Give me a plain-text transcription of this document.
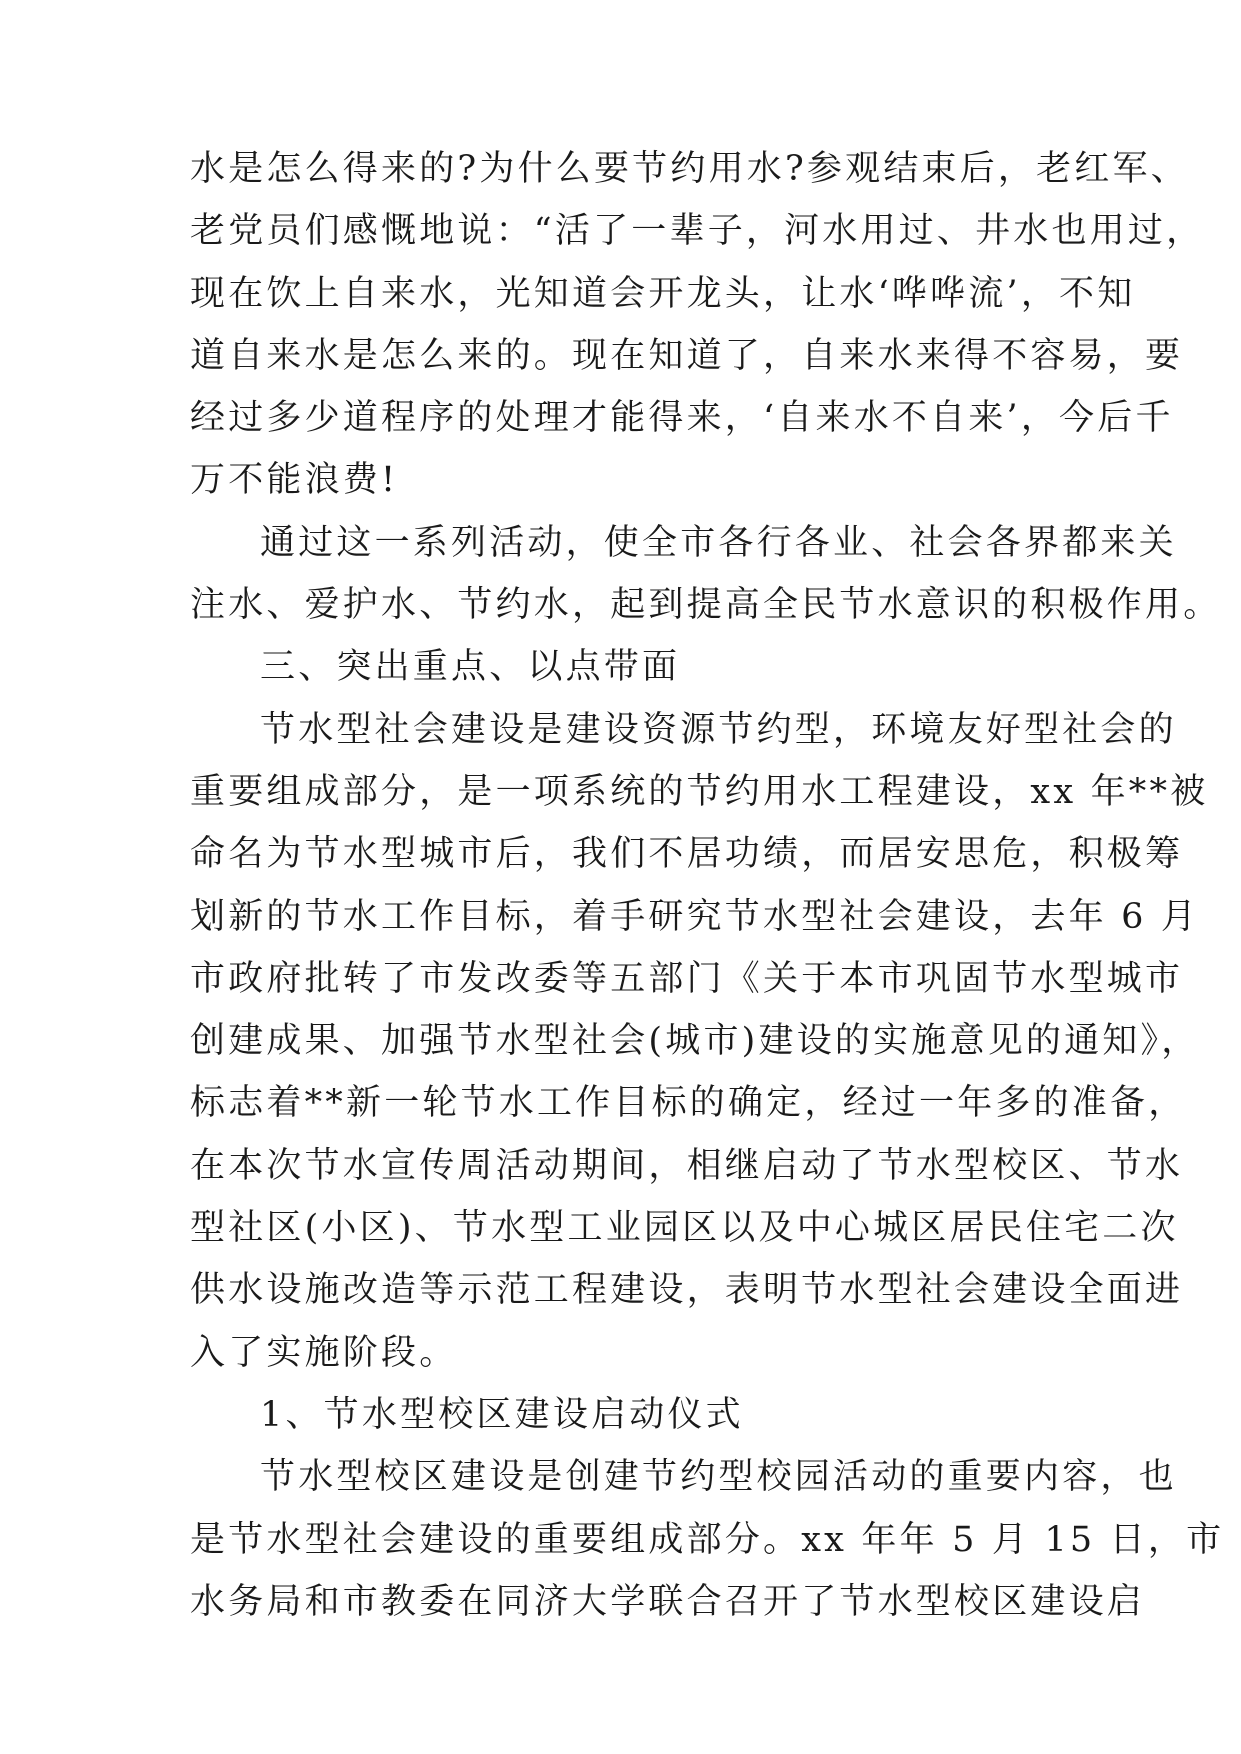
水是怎么得来的?为什么要节约用水?参观结束后，老红军、
老党员们感慨地说：“活了一辈子，河水用过、井水也用过，
现在饮上自来水，光知道会开龙头，让水‘哗哗流’，不知
道自来水是怎么来的。现在知道了，自来水来得不容易，要
经过多少道程序的处理才能得来，‘自来水不自来’，今后千
万不能浪费!
通过这一系列活动，使全市各行各业、社会各界都来关
注水、爱护水、节约水，起到提高全民节水意识的积极作用。
三、突出重点、以点带面
节水型社会建设是建设资源节约型，环境友好型社会的
重要组成部分，是一项系统的节约用水工程建设，xx 年**被
命名为节水型城市后，我们不居功绩，而居安思危，积极筹
划新的节水工作目标，着手研究节水型社会建设，去年 6 月
市政府批转了市发改委等五部门《关于本市巩固节水型城市
创建成果、加强节水型社会(城市)建设的实施意见的通知》，
标志着**新一轮节水工作目标的确定，经过一年多的准备，
在本次节水宣传周活动期间，相继启动了节水型校区、节水
型社区(小区)、节水型工业园区以及中心城区居民住宅二次
供水设施改造等示范工程建设，表明节水型社会建设全面进
入了实施阶段。
1、节水型校区建设启动仪式
节水型校区建设是创建节约型校园活动的重要内容，也
是节水型社会建设的重要组成部分。xx 年年 5 月 15 日，市
水务局和市教委在同济大学联合召开了节水型校区建设启
